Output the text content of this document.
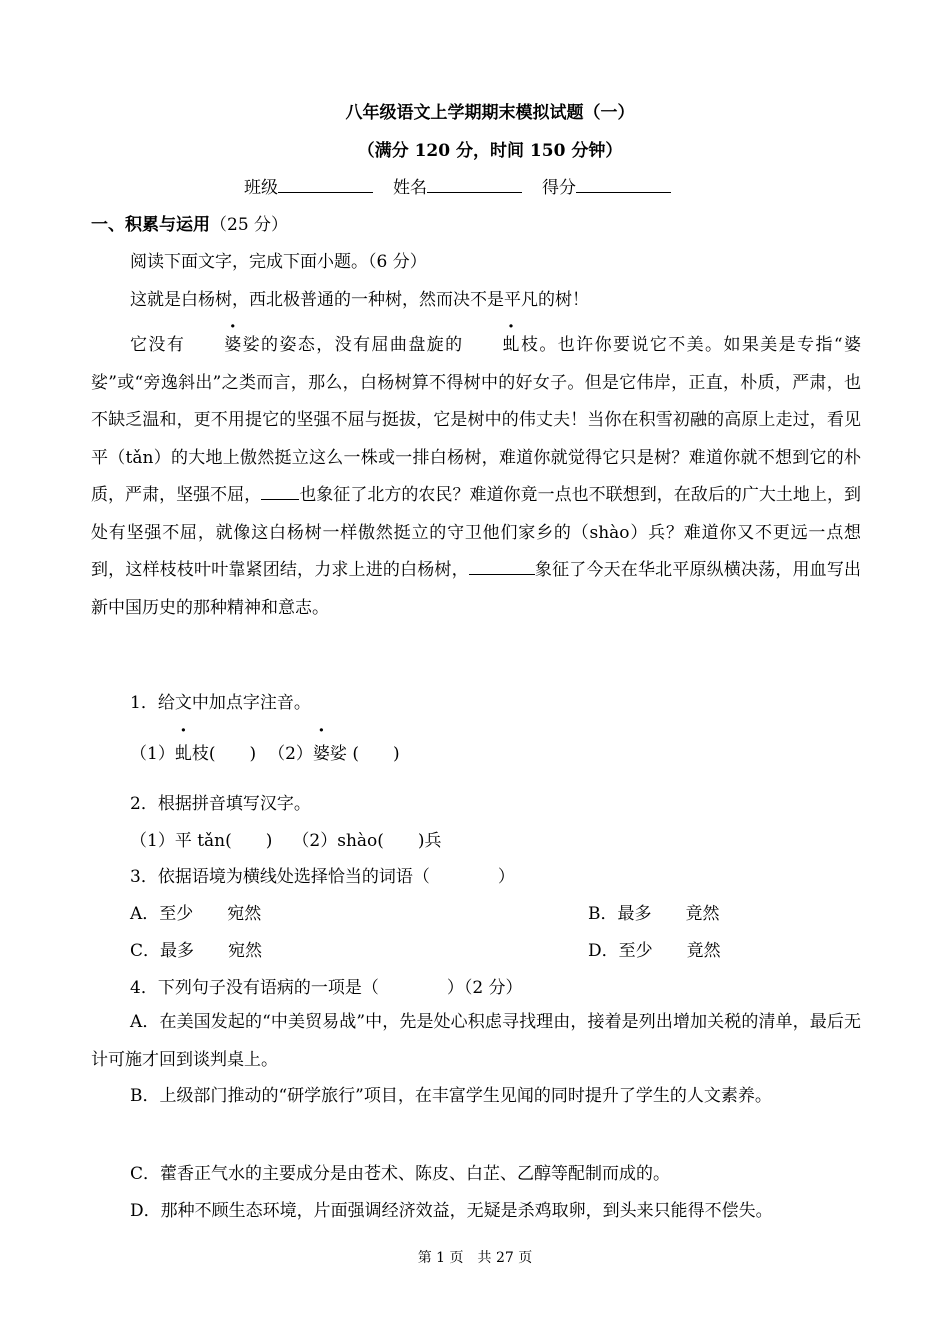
八年级语文上学期期末模拟试题（一）
（满分 120 分，时间 150 分钟）
班级	姓名	得分
一、积累与运用（25 分）
阅读下面文字，完成下面小题。（6 分）
这就是白杨树，西北极普通的一种树，然而决不是平凡的树！
它没有 婆娑的姿态，没有屈曲盘旋的 虬枝。也许你要说它不美。如果美是专指“婆娑”或“旁逸斜出”之类而言，那么，白杨树算不得树中的好女子。但是它伟岸，正直，朴质，严肃，也不缺乏温和，更不用提它的坚强不屈与挺拔，它是树中的伟丈夫！当你在积雪初融的高原上走过，看见平（tǎn）的大地上傲然挺立这么一株或一排白杨树，难道你就觉得它只是树？难道你就不想到它的朴质，严肃，坚强不屈， 也象征了北方的农民？难道你竟一点也不联想到，在敌后的广大土地上，到处有坚强不屈，就像这白杨树一样傲然挺立的守卫他们家乡的（shào）兵？难道你又不更远一点想到，这样枝枝叶叶靠紧团结，力求上进的白杨树，	象征了今天在华北平原纵横决荡，用血写出新中国历史的那种精神和意志。
1．给文中加点字注音。
（1）虬枝(　　) （2）婆娑 (　　)
2．根据拼音填写汉字。
（1）平 tǎn(　　) （2）shào(　　)兵
3．依据语境为横线处选择恰当的词语（　　　　）
A．至少　　宛然	B．最多　　竟然
C．最多　　宛然	D．至少　　竟然
4．下列句子没有语病的一项是（　　　　）（2 分）
A．在美国发起的“中美贸易战”中，先是处心积虑寻找理由，接着是列出增加关税的清单，最后无计可施才回到谈判桌上。
B．上级部门推动的“研学旅行”项目，在丰富学生见闻的同时提升了学生的人文素养。
C．藿香正气水的主要成分是由苍术、陈皮、白芷、乙醇等配制而成的。
D．那种不顾生态环境，片面强调经济效益，无疑是杀鸡取卵，到头来只能得不偿失。
第 1 页　共 27 页
